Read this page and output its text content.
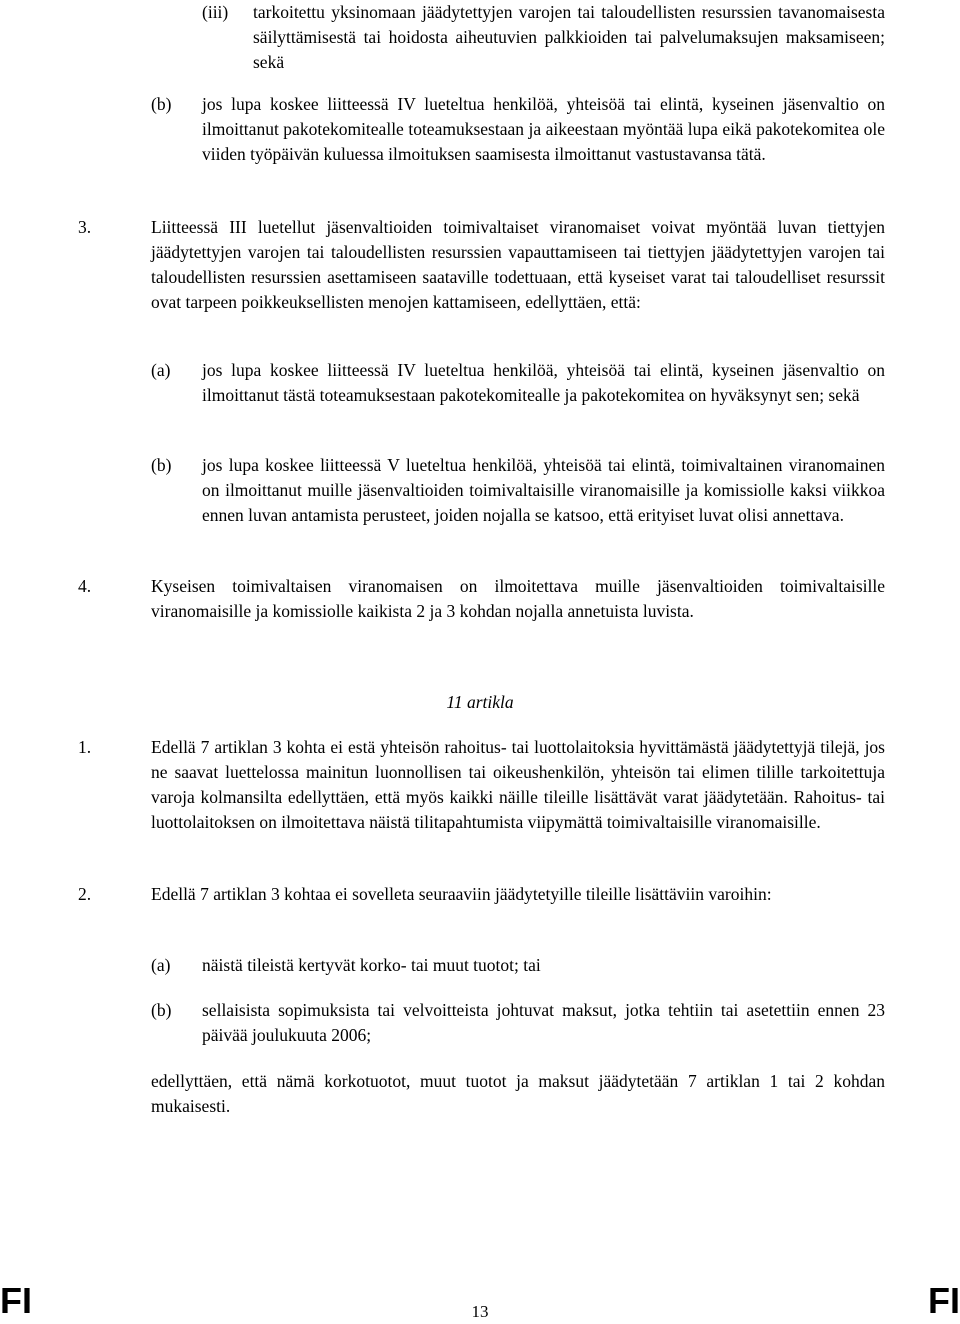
(iii) tarkoitettu yksinomaan jäädytettyjen varojen tai taloudellisten resurssien tavanomaisesta säilyttämisestä tai hoidosta aiheutuvien palkkioiden tai palvelumaksujen maksamiseen; sekä
(b) jos lupa koskee liitteessä IV lueteltua henkilöä, yhteisöä tai elintä, kyseinen jäsenvaltio on ilmoittanut pakotekomitealle toteamuksestaan ja aikeestaan myöntää lupa eikä pakotekomitea ole viiden työpäivän kuluessa ilmoituksen saamisesta ilmoittanut vastustavansa tätä.
3.	Liitteessä III luetellut jäsenvaltioiden toimivaltaiset viranomaiset voivat myöntää luvan tiettyjen jäädytettyjen varojen tai taloudellisten resurssien vapauttamiseen tai tiettyjen jäädytettyjen varojen tai taloudellisten resurssien asettamiseen saataville todettuaan, että kyseiset varat tai taloudelliset resurssit ovat tarpeen poikkeuksellisten menojen kattamiseen, edellyttäen, että:
(a) jos lupa koskee liitteessä IV lueteltua henkilöä, yhteisöä tai elintä, kyseinen jäsenvaltio on ilmoittanut tästä toteamuksestaan pakotekomitealle ja pakotekomitea on hyväksynyt sen; sekä
(b) jos lupa koskee liitteessä V lueteltua henkilöä, yhteisöä tai elintä, toimivaltainen viranomainen on ilmoittanut muille jäsenvaltioiden toimivaltaisille viranomaisille ja komissiolle kaksi viikkoa ennen luvan antamista perusteet, joiden nojalla se katsoo, että erityiset luvat olisi annettava.
4.	Kyseisen toimivaltaisen viranomaisen on ilmoitettava muille jäsenvaltioiden toimivaltaisille viranomaisille ja komissiolle kaikista 2 ja 3 kohdan nojalla annetuista luvista.
11 artikla
1.	Edellä 7 artiklan 3 kohta ei estä yhteisön rahoitus- tai luottolaitoksia hyvittämästä jäädytettyjä tilejä, jos ne saavat luettelossa mainitun luonnollisen tai oikeushenkilön, yhteisön tai elimen tilille tarkoitettuja varoja kolmansilta edellyttäen, että myös kaikki näille tileille lisättävät varat jäädytetään. Rahoitus- tai luottolaitoksen on ilmoitettava näistä tilitapahtumista viipymättä toimivaltaisille viranomaisille.
2.	Edellä 7 artiklan 3 kohtaa ei sovelleta seuraaviin jäädytetyille tileille lisättäviin varoihin:
(a) näistä tileistä kertyvät korko- tai muut tuotot; tai
(b) sellaisista sopimuksista tai velvoitteista johtuvat maksut, jotka tehtiin tai asetettiin ennen 23 päivää joulukuuta 2006;
edellyttäen, että nämä korkotuotot, muut tuotot ja maksut jäädytetään 7 artiklan 1 tai 2 kohdan mukaisesti.
FI	13	FI
